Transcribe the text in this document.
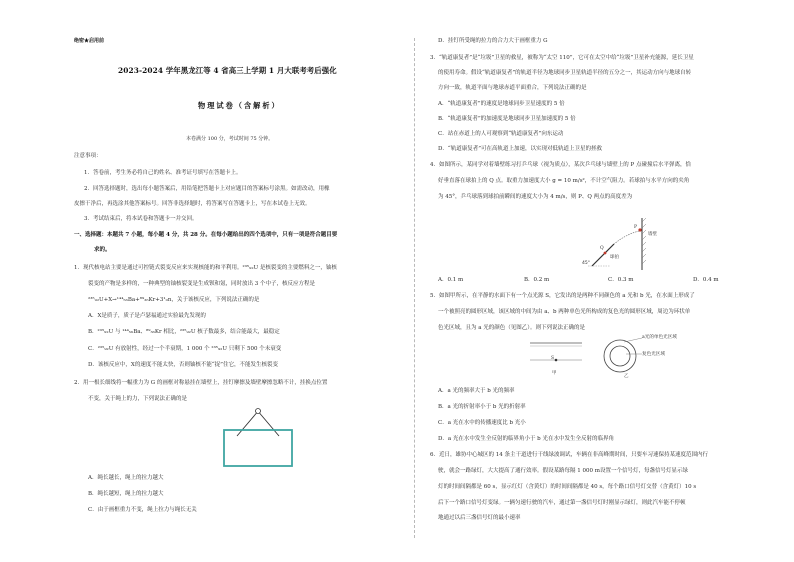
绝密★启用前
2023-2024 学年黑龙江等 4 省高三上学期 1 月大联考考后强化
物理试卷（含解析）
本卷满分 100 分，考试时间 75 分钟。
注意事项：
1．答卷前，考生务必将自己的姓名、准考证号填写在答题卡上。
2．回答选择题时，选出每小题答案后，用铅笔把答题卡上对应题目的答案标号涂黑。如需改动，用橡
皮擦干净后，再选涂其他答案标号。回答非选择题时，将答案写在答题卡上，写在本试卷上无效。
3．考试结束后，将本试卷和答题卡一并交回。
一、选择题：本题共 7 小题，每小题 4 分，共 28 分。在每小题给出的四个选项中，只有一项是符合题目要
求的。
1．现代核电站主要是通过可控链式裂变反应来实现核能的和平利用。²³⁵₉₂U 是核裂变的主要燃料之一，铀核
裂变的产物是多样的，一种典型的铀核裂变是生成钡和氪，同时放出 3 个中子，核反应方程是
²³⁵₉₂U+X→¹⁴⁴₅₆Ba+⁸⁹₃₆Kr+3¹₀n，关于该核反应，下列说法正确的是
A．X是质子，质子是卢瑟福通过实验最先发现的
B．²³⁵₉₂U 与 ¹⁴⁴₅₆Ba、⁸⁹₃₆Kr 相比，²³⁵₉₂U 核子数最多，结合能最大，最稳定
C．²³⁵₉₂U 有放射性，经过一个半衰期，1 000 个 ²³⁵₉₂U 只剩下 500 个未衰变
D．该核反应中，X的速度不能太快，否则铀核不能“捉”住它，不能发生核裂变
2．用一根长细线将一幅重力为 G 的画框对称悬挂在墙壁上，挂钉摩擦及墙壁摩擦忽略不计，挂换点位置
不变，关于绳上的力，下列说法正确的是
A．绳长越长，绳上的拉力越大
B．绳长越短，绳上的拉力越大
C．由于画框重力不变，绳上拉力与绳长无关
D．挂钉所受绳的拉力的合力大于画框重力 G
3．“轨道康复者”是“垃圾”卫星的救星，被称为“太空 110”，它可在太空中给“垃圾”卫星补充能源，延长卫星
的使用寿命。假设“轨道康复者”的轨道半径为地球同步卫星轨道半径的五分之一，其运动方向与地球自转
方向一致，轨道平面与地球赤道平面重合，下列说法正确的是
A．“轨道康复者”的速度是地球同步卫星速度的 5 倍
B．“轨道康复者”的加速度是地球同步卫星加速度的 5 倍
C．站在赤道上的人可观察到“轨道康复者”向东运动
D．“轨道康复者”可在高轨道上加速，以实现对低轨道上卫星的拯救
4．如图所示，某同学对着墙壁练习打乒乓球（视为质点），某次乒乓球与墙壁上的 P 点碰撞后水平弹离，恰
好垂直落在球拍上的 Q 点。取重力加速度大小 g = 10 m/s²，不计空气阻力。若球拍与水平方向的夹角
为 45°，乒乓球落到球拍前瞬间的速度大小为 4 m/s，则 P、Q 两点的高度差为
墙壁
P
Q
球拍
45°
A．0.1 m	B．0.2 m	C．0.3 m	D．0.4 m
5．如图甲所示，在平静的水面下有一个点光源 S，它发出的是两种不同颜色的 a 光和 b 光，在水面上形成了
一个被照亮的圆形区域，该区域的中间为由 a、b 两种单色光所构成的复色光的圆形区域，周边为环状单
色光区域，且为 a 光的颜色（见图乙）。则下列说法正确的是
S
甲
乙
a光的单色光区域
复色光区域
A．a 光的频率大于 b 光的频率
B．a 光的折射率小于 b 光的折射率
C．a 光在水中的传播速度比 b 光小
D．a 光在水中发生全反射的临界角小于 b 光在水中发生全反射的临界角
6．近日，雄协中心城区的 14 条主干道进行干线绿波调试，车辆在非高峰期时间，只要车习速保持某速度范围内行
驶，就会一路绿灯，大大提高了通行效率。假设某路每隔 1 000 m设置一个信号灯，每盏信号灯显示绿
灯的时间间隔都是 60 s，显示红灯（含黄灯）的时间间隔都是 40 s，每个路口信号灯交替（含黄灯）10 s
后下一个路口信号灯变绿。一辆匀速行驶的汽车，通过第一盏信号灯时刚显示绿灯，则此汽车能不停顿
地通过以后三盏信号灯的最小速率
